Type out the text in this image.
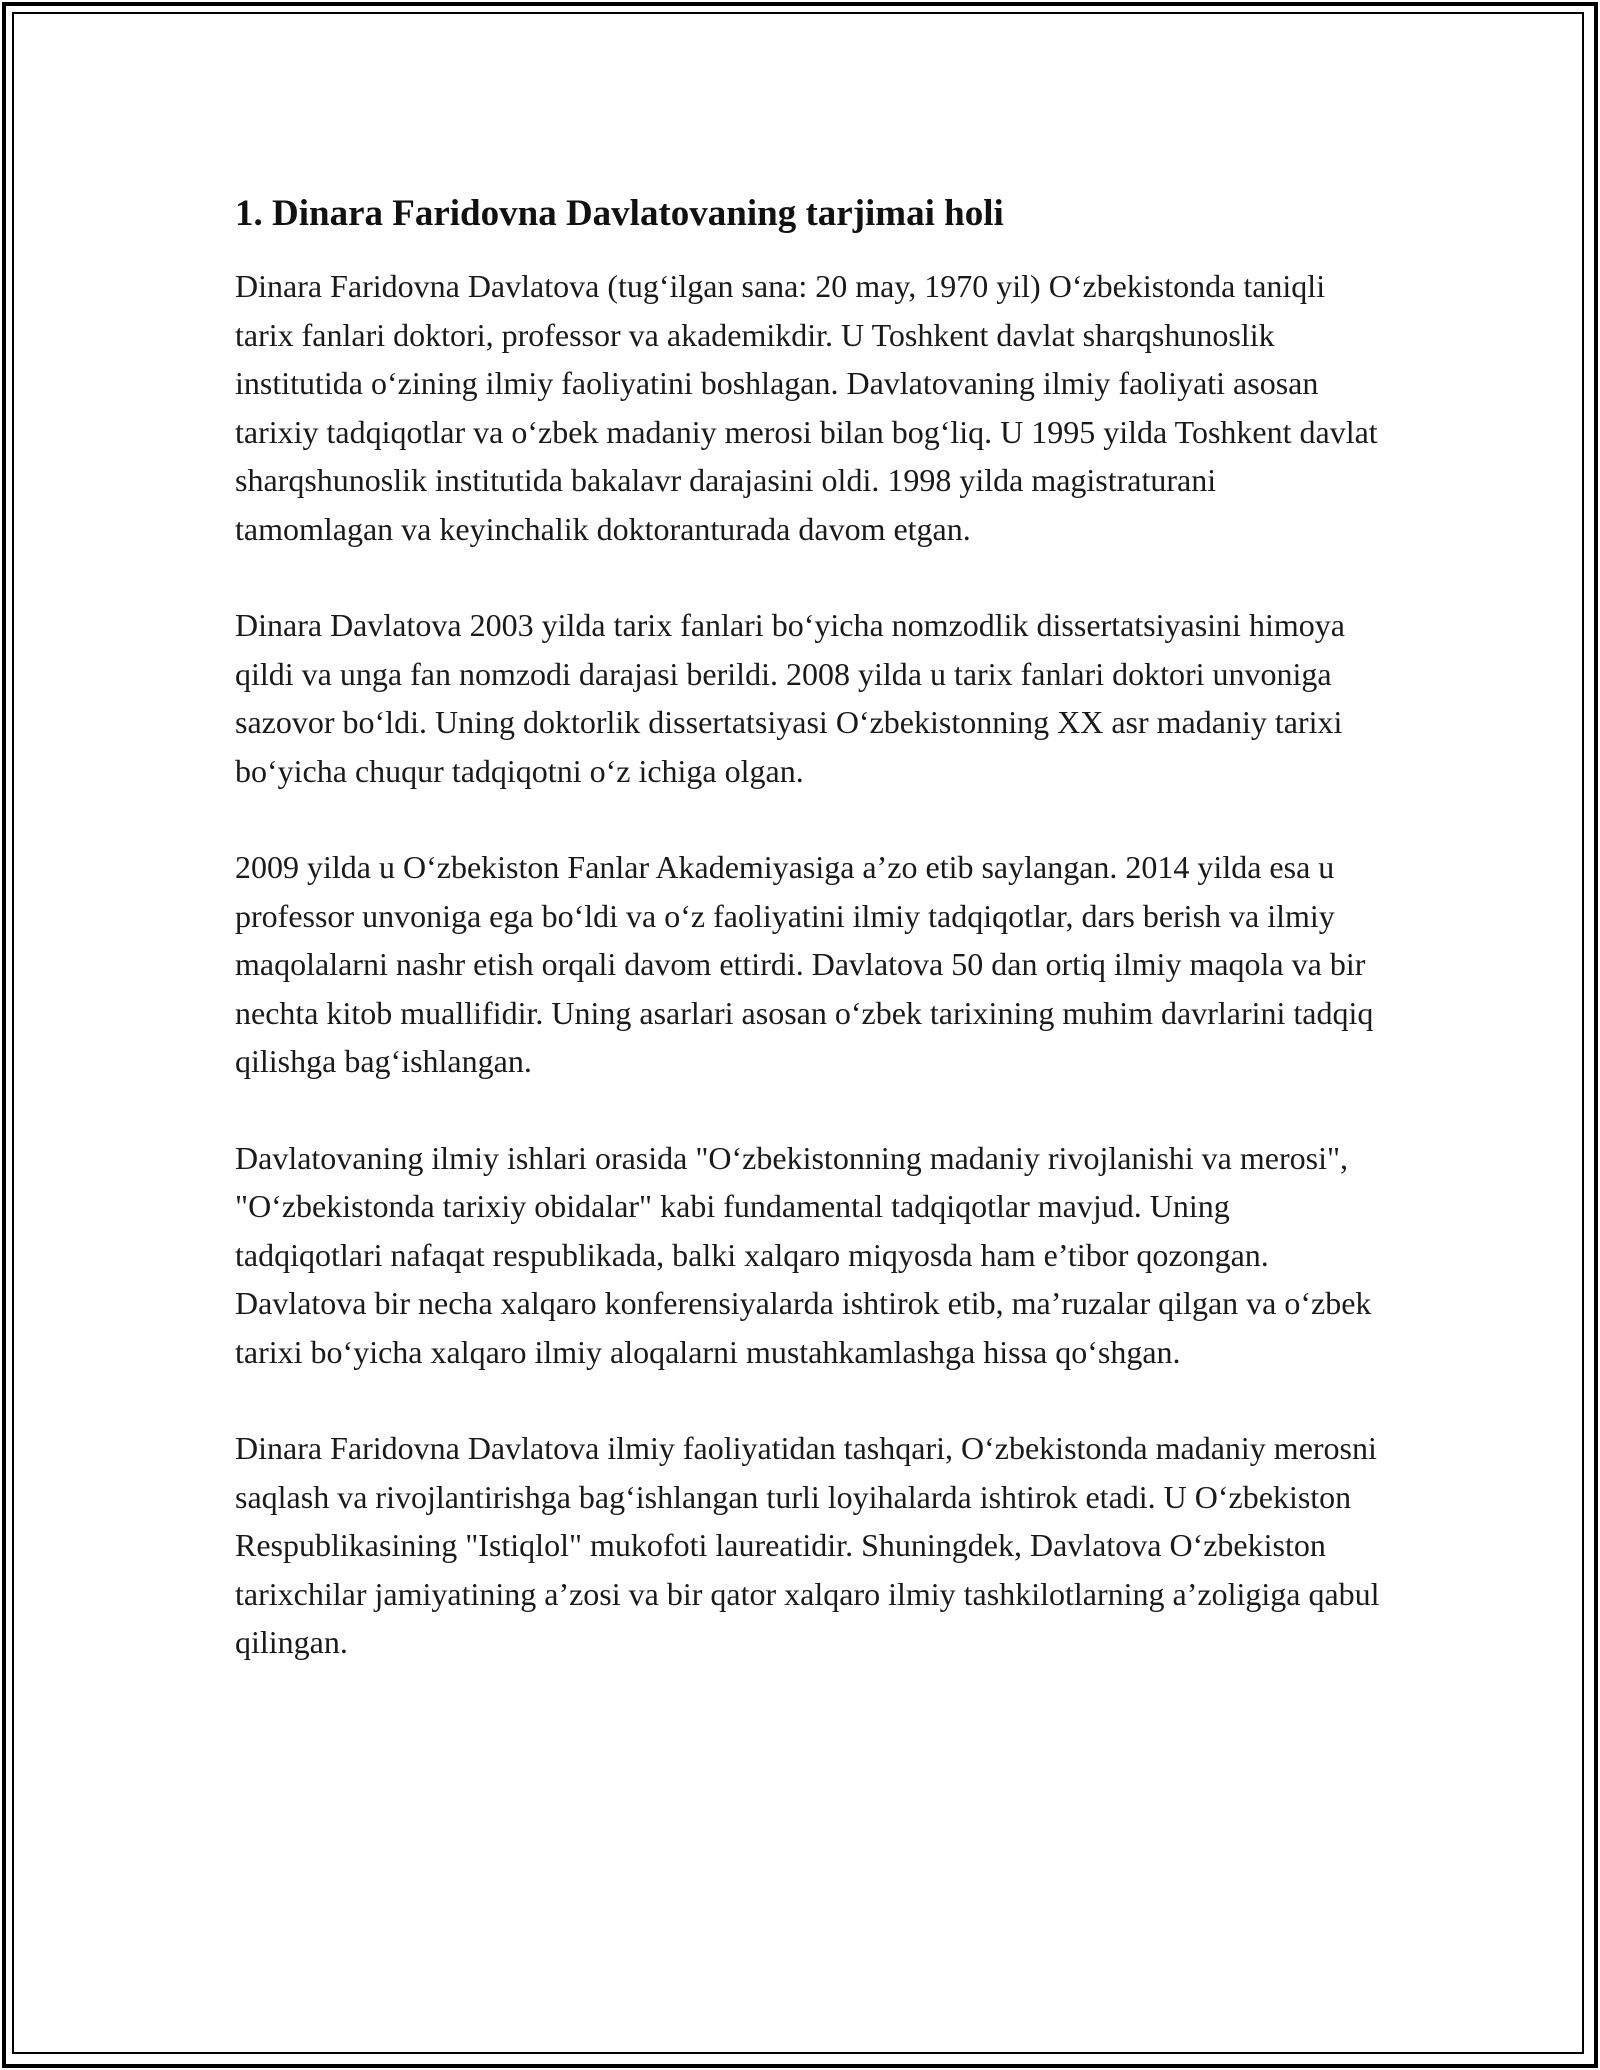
1. Dinara Faridovna Davlatovaning tarjimai holi

Dinara Faridovna Davlatova (tug‘ilgan sana: 20 may, 1970 yil) O‘zbekistonda taniqli tarix fanlari doktori, professor va akademikdir. U Toshkent davlat sharqshunoslik institutida o‘zining ilmiy faoliyatini boshlagan. Davlatovaning ilmiy faoliyati asosan tarixiy tadqiqotlar va o‘zbek madaniy merosi bilan bog‘liq. U 1995 yilda Toshkent davlat sharqshunoslik institutida bakalavr darajasini oldi. 1998 yilda magistraturani tamomlagan va keyinchalik doktoranturada davom etgan.

Dinara Davlatova 2003 yilda tarix fanlari bo‘yicha nomzodlik dissertatsiyasini himoya qildi va unga fan nomzodi darajasi berildi. 2008 yilda u tarix fanlari doktori unvoniga sazovor bo‘ldi. Uning doktorlik dissertatsiyasi O‘zbekistonning XX asr madaniy tarixi bo‘yicha chuqur tadqiqotni o‘z ichiga olgan.

2009 yilda u O‘zbekiston Fanlar Akademiyasiga a’zo etib saylangan. 2014 yilda esa u professor unvoniga ega bo‘ldi va o‘z faoliyatini ilmiy tadqiqotlar, dars berish va ilmiy maqolalarni nashr etish orqali davom ettirdi. Davlatova 50 dan ortiq ilmiy maqola va bir nechta kitob muallifidir. Uning asarlari asosan o‘zbek tarixining muhim davrlarini tadqiq qilishga bag‘ishlangan.

Davlatovaning ilmiy ishlari orasida "O‘zbekistonning madaniy rivojlanishi va merosi", "O‘zbekistonda tarixiy obidalar" kabi fundamental tadqiqotlar mavjud. Uning tadqiqotlari nafaqat respublikada, balki xalqaro miqyosda ham e’tibor qozongan. Davlatova bir necha xalqaro konferensiyalarda ishtirok etib, ma’ruzalar qilgan va o‘zbek tarixi bo‘yicha xalqaro ilmiy aloqalarni mustahkamlashga hissa qo‘shgan.

Dinara Faridovna Davlatova ilmiy faoliyatidan tashqari, O‘zbekistonda madaniy merosni saqlash va rivojlantirishga bag‘ishlangan turli loyihalarda ishtirok etadi. U O‘zbekiston Respublikasining "Istiqlol" mukofoti laureatidir. Shuningdek, Davlatova O‘zbekiston tarixchilar jamiyatining a’zosi va bir qator xalqaro ilmiy tashkilotlarning a’zoligiga qabul qilingan.
